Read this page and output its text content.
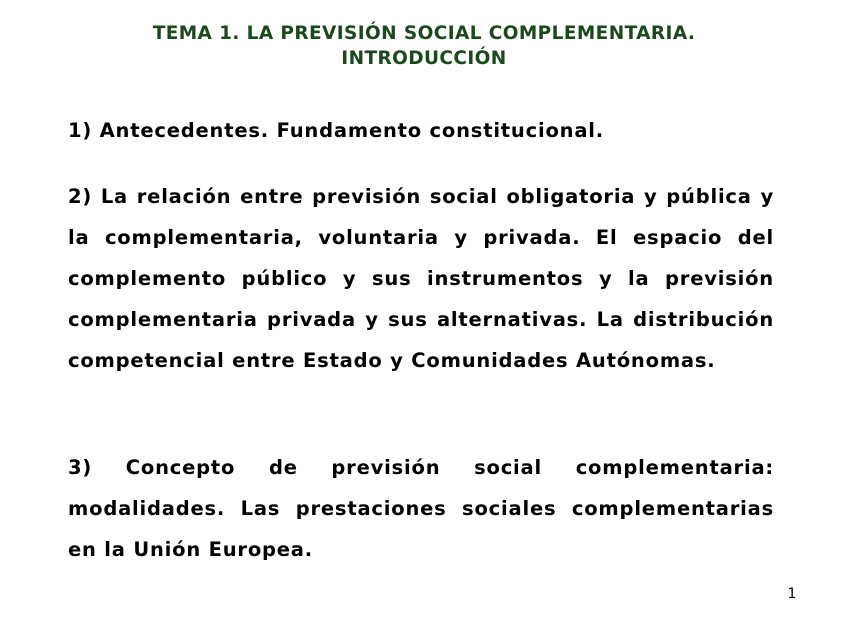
TEMA 1. LA PREVISIÓN SOCIAL COMPLEMENTARIA.
INTRODUCCIÓN
1) Antecedentes. Fundamento constitucional.
2) La relación entre previsión social obligatoria y pública y la complementaria, voluntaria y privada. El espacio del complemento público y sus instrumentos y la previsión complementaria privada y sus alternativas. La distribución competencial entre Estado y Comunidades Autónomas.
3) Concepto de previsión social complementaria: modalidades. Las prestaciones sociales complementarias en la Unión Europea.
1
